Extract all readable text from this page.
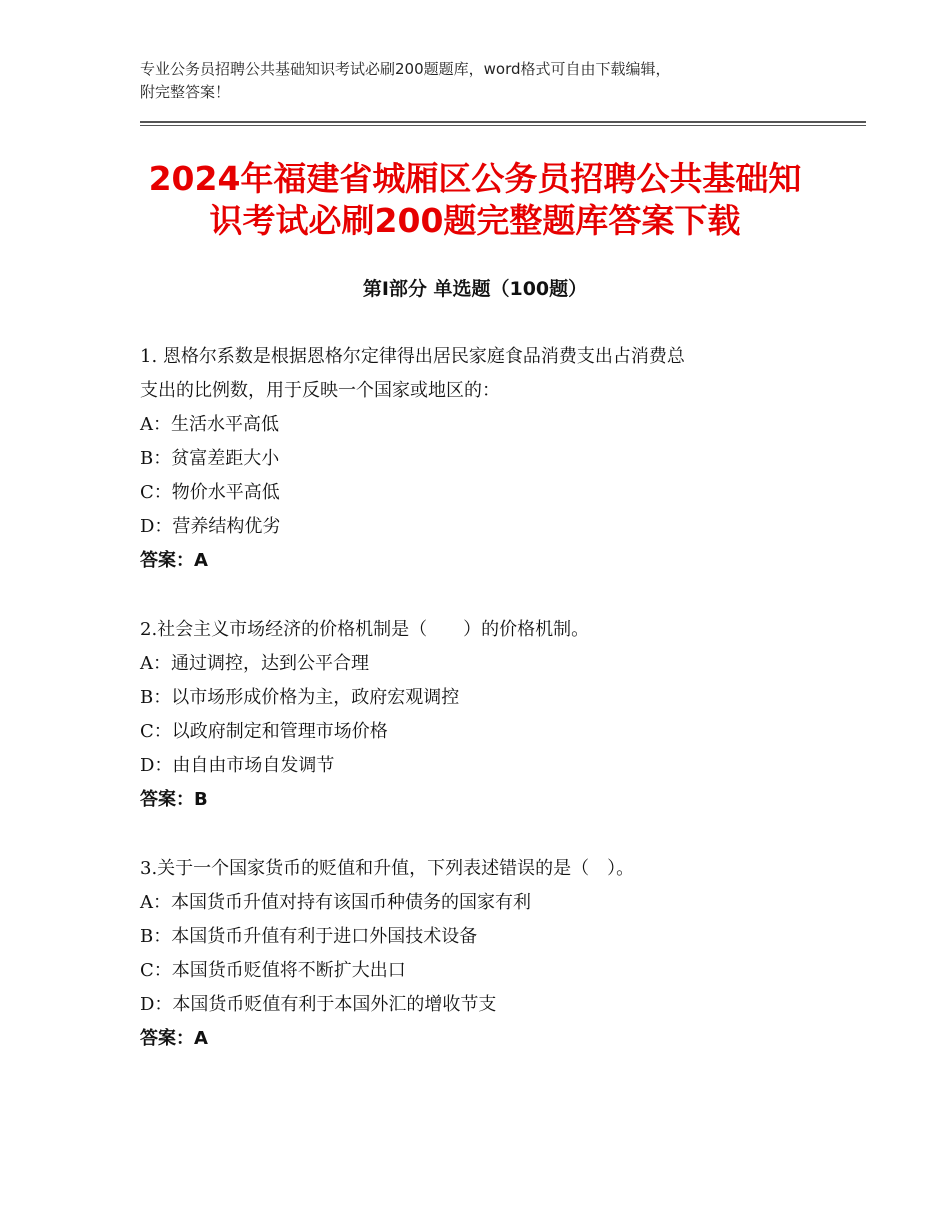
专业公务员招聘公共基础知识考试必刷200题题库，word格式可自由下载编辑，
附完整答案！
2024年福建省城厢区公务员招聘公共基础知
识考试必刷200题完整题库答案下载
第Ⅰ部分 单选题（100题）
1. 恩格尔系数是根据恩格尔定律得出居民家庭食品消费支出占消费总
支出的比例数，用于反映一个国家或地区的：
A：生活水平高低
B：贫富差距大小
C：物价水平高低
D：营养结构优劣
答案：A
2.社会主义市场经济的价格机制是（　　）的价格机制。
A：通过调控，达到公平合理
B：以市场形成价格为主，政府宏观调控
C：以政府制定和管理市场价格
D：由自由市场自发调节
答案：B
3.关于一个国家货币的贬值和升值，下列表述错误的是（　）。
A：本国货币升值对持有该国币种债务的国家有利
B：本国货币升值有利于进口外国技术设备
C：本国货币贬值将不断扩大出口
D：本国货币贬值有利于本国外汇的增收节支
答案：A
